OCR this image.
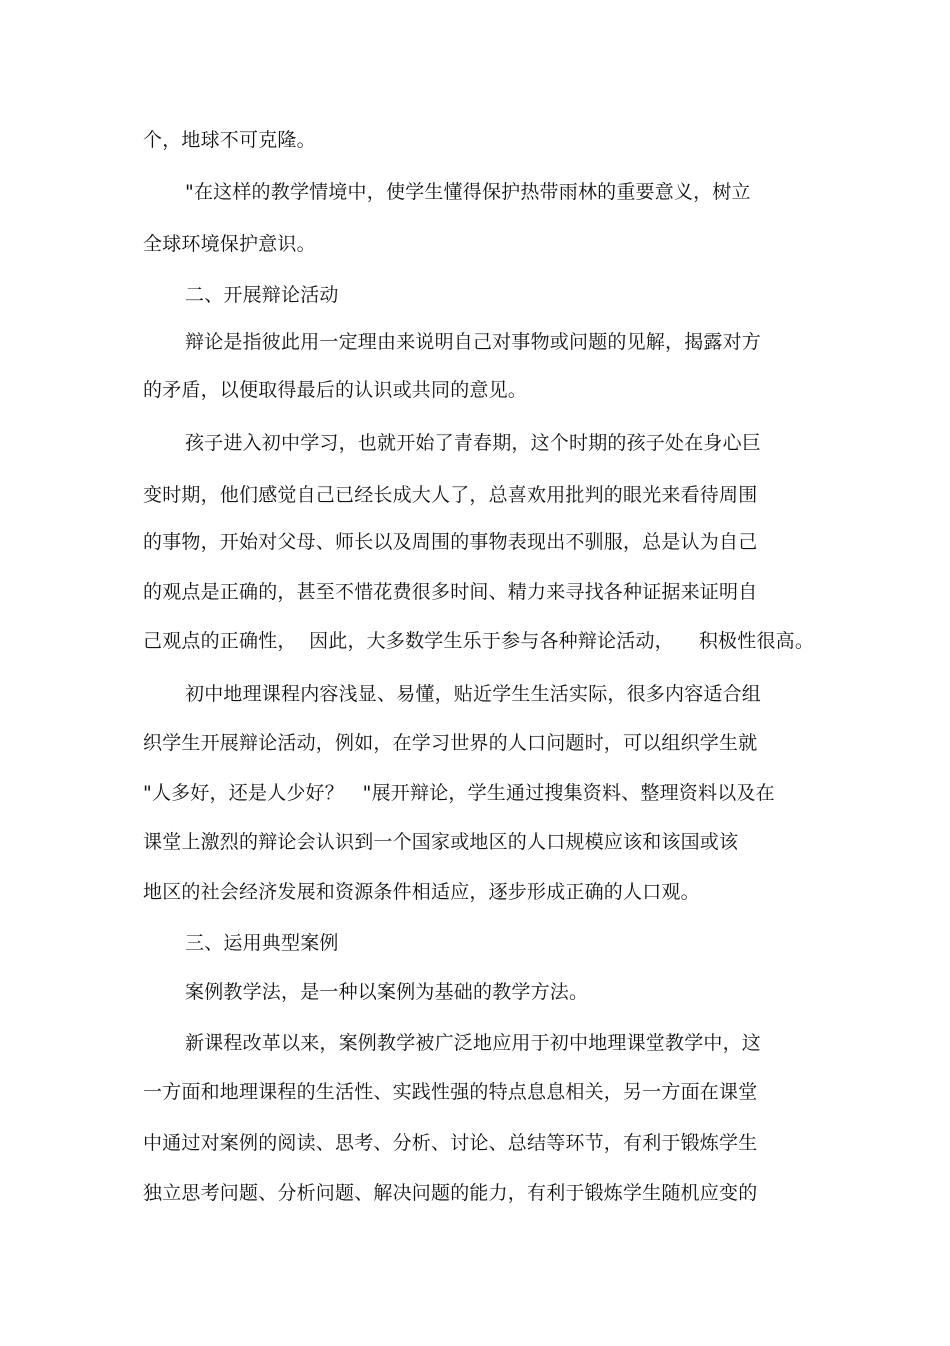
个，地球不可克隆。
"在这样的教学情境中，使学生懂得保护热带雨林的重要意义，树立
全球环境保护意识。
二、开展辩论活动
辩论是指彼此用一定理由来说明自己对事物或问题的见解，揭露对方
的矛盾，以便取得最后的认识或共同的意见。
孩子进入初中学习，也就开始了青春期，这个时期的孩子处在身心巨
变时期，他们感觉自己已经长成大人了，总喜欢用批判的眼光来看待周围
的事物，开始对父母、师长以及周围的事物表现出不驯服，总是认为自己
的观点是正确的，甚至不惜花费很多时间、精力来寻找各种证据来证明自
己观点的正确性，  因此，大多数学生乐于参与各种辩论活动，    积极性很高。
初中地理课程内容浅显、易懂，贴近学生生活实际，很多内容适合组
织学生开展辩论活动，例如，在学习世界的人口问题时，可以组织学生就
"人多好，还是人少好？   "展开辩论，学生通过搜集资料、整理资料以及在
课堂上激烈的辩论会认识到一个国家或地区的人口规模应该和该国或该
地区的社会经济发展和资源条件相适应，逐步形成正确的人口观。
三、运用典型案例
案例教学法，是一种以案例为基础的教学方法。
新课程改革以来，案例教学被广泛地应用于初中地理课堂教学中，这
一方面和地理课程的生活性、实践性强的特点息息相关，另一方面在课堂
中通过对案例的阅读、思考、分析、讨论、总结等环节，有利于锻炼学生
独立思考问题、分析问题、解决问题的能力，有利于锻炼学生随机应变的
